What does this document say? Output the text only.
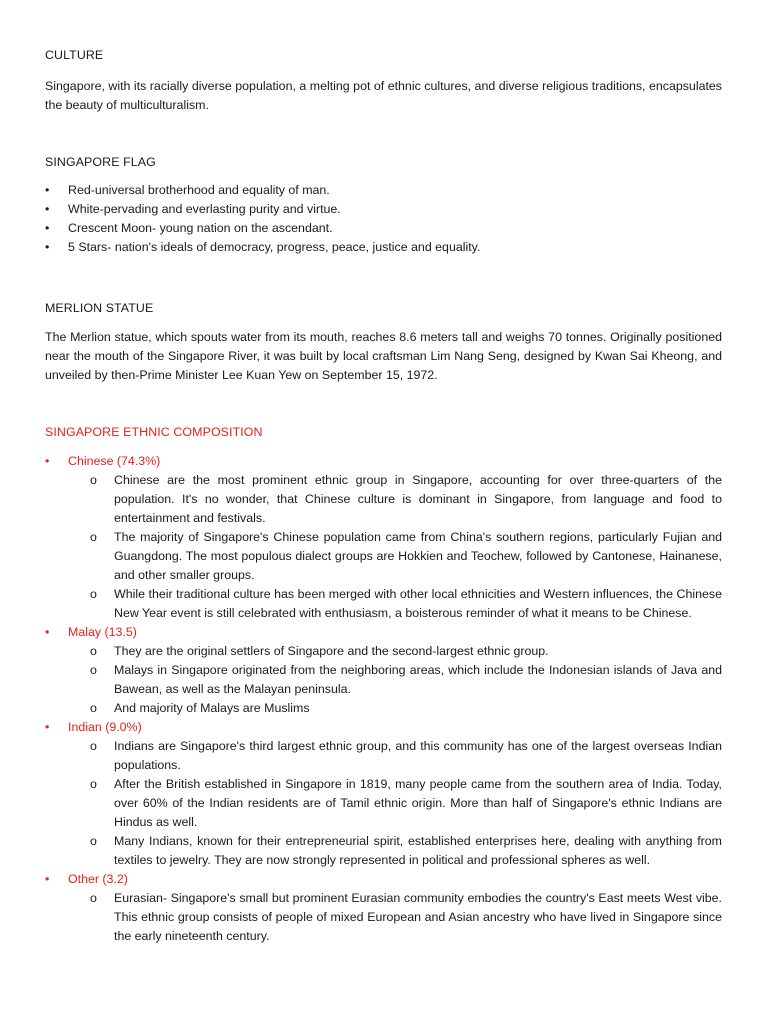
CULTURE

Singapore, with its racially diverse population, a melting pot of ethnic cultures, and diverse religious traditions, encapsulates the beauty of multiculturalism.

SINGAPORE FLAG

•	Red-universal brotherhood and equality of man.
•	White-pervading and everlasting purity and virtue.
•	Crescent Moon- young nation on the ascendant.
•	5 Stars- nation's ideals of democracy, progress, peace, justice and equality.

MERLION STATUE

The Merlion statue, which spouts water from its mouth, reaches 8.6 meters tall and weighs 70 tonnes. Originally positioned near the mouth of the Singapore River, it was built by local craftsman Lim Nang Seng, designed by Kwan Sai Kheong, and unveiled by then-Prime Minister Lee Kuan Yew on September 15, 1972.

SINGAPORE ETHNIC COMPOSITION

•	Chinese (74.3%)
o	Chinese are the most prominent ethnic group in Singapore, accounting for over three-quarters of the population. It's no wonder, that Chinese culture is dominant in Singapore, from language and food to entertainment and festivals.
o	The majority of Singapore's Chinese population came from China's southern regions, particularly Fujian and Guangdong. The most populous dialect groups are Hokkien and Teochew, followed by Cantonese, Hainanese, and other smaller groups.
o	While their traditional culture has been merged with other local ethnicities and Western influences, the Chinese New Year event is still celebrated with enthusiasm, a boisterous reminder of what it means to be Chinese.
•	Malay (13.5)
o	They are the original settlers of Singapore and the second-largest ethnic group.
o	Malays in Singapore originated from the neighboring areas, which include the Indonesian islands of Java and Bawean, as well as the Malayan peninsula.
o	And majority of Malays are Muslims
•	Indian (9.0%)
o	Indians are Singapore's third largest ethnic group, and this community has one of the largest overseas Indian populations.
o	After the British established in Singapore in 1819, many people came from the southern area of India. Today, over 60% of the Indian residents are of Tamil ethnic origin. More than half of Singapore's ethnic Indians are Hindus as well.
o	Many Indians, known for their entrepreneurial spirit, established enterprises here, dealing with anything from textiles to jewelry. They are now strongly represented in political and professional spheres as well.
•	Other (3.2)
o	Eurasian- Singapore's small but prominent Eurasian community embodies the country's East meets West vibe. This ethnic group consists of people of mixed European and Asian ancestry who have lived in Singapore since the early nineteenth century.
